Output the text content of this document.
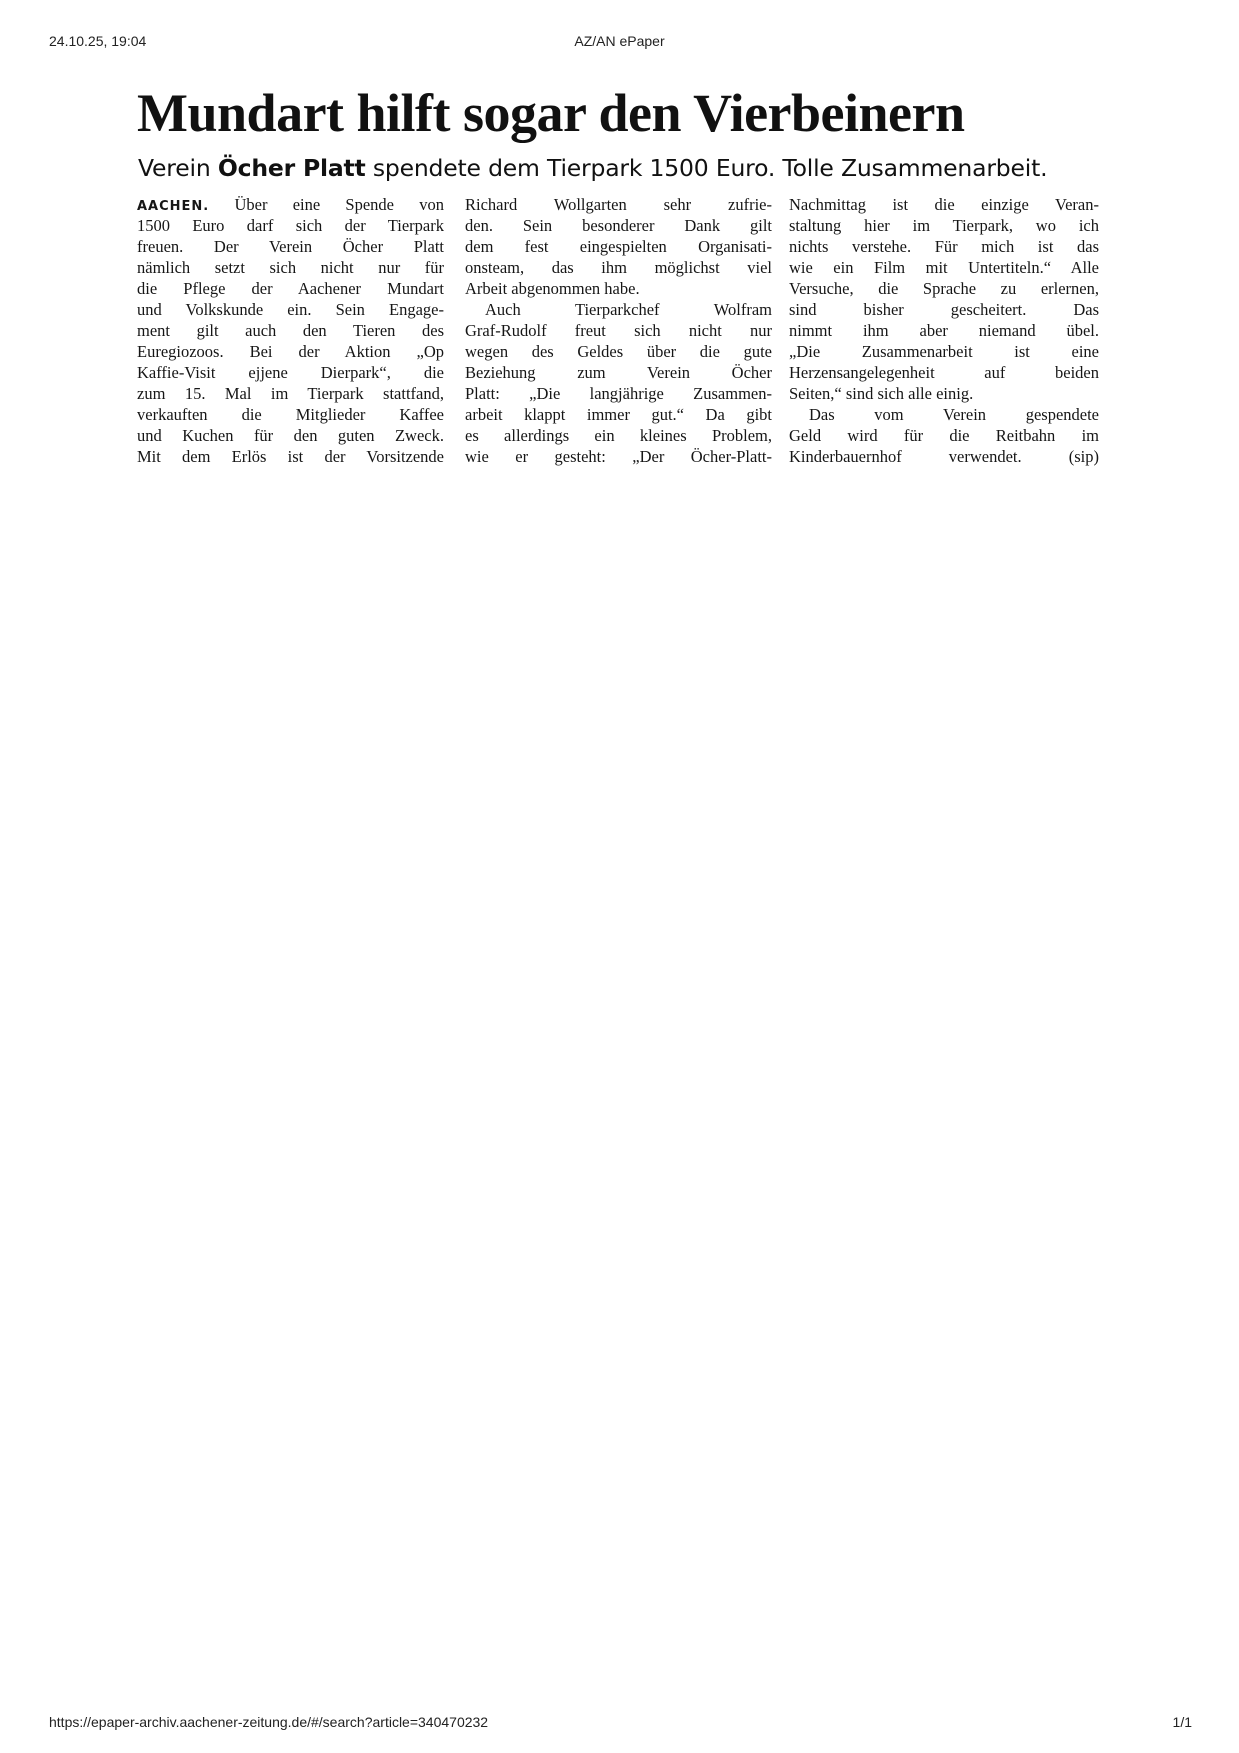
24.10.25, 19:04	AZ/AN ePaper
Mundart hilft sogar den Vierbeinern
Verein Öcher Platt spendete dem Tierpark 1500 Euro. Tolle Zusammenarbeit.
AACHEN. Über eine Spende von
1500 Euro darf sich der Tierpark
freuen. Der Verein Öcher Platt
nämlich setzt sich nicht nur für
die Pflege der Aachener Mundart
und Volkskunde ein. Sein Engage-
ment gilt auch den Tieren des
Euregiozoos. Bei der Aktion „Op
Kaffie-Visit ejjene Dierpark“, die
zum 15. Mal im Tierpark stattfand,
verkauften die Mitglieder Kaffee
und Kuchen für den guten Zweck.
Mit dem Erlös ist der Vorsitzende
Richard Wollgarten sehr zufrie-
den. Sein besonderer Dank gilt
dem fest eingespielten Organisati-
onsteam, das ihm möglichst viel
Arbeit abgenommen habe.
Auch Tierparkchef Wolfram
Graf-Rudolf freut sich nicht nur
wegen des Geldes über die gute
Beziehung zum Verein Öcher
Platt: „Die langjährige Zusammen-
arbeit klappt immer gut.“ Da gibt
es allerdings ein kleines Problem,
wie er gesteht: „Der Öcher-Platt-
Nachmittag ist die einzige Veran-
staltung hier im Tierpark, wo ich
nichts verstehe. Für mich ist das
wie ein Film mit Untertiteln.“ Alle
Versuche, die Sprache zu erlernen,
sind bisher gescheitert. Das
nimmt ihm aber niemand übel.
„Die Zusammenarbeit ist eine
Herzensangelegenheit auf beiden
Seiten,“ sind sich alle einig.
Das vom Verein gespendete
Geld wird für die Reitbahn im
Kinderbauernhof verwendet. (sip)
https://epaper-archiv.aachener-zeitung.de/#/search?article=340470232	1/1
